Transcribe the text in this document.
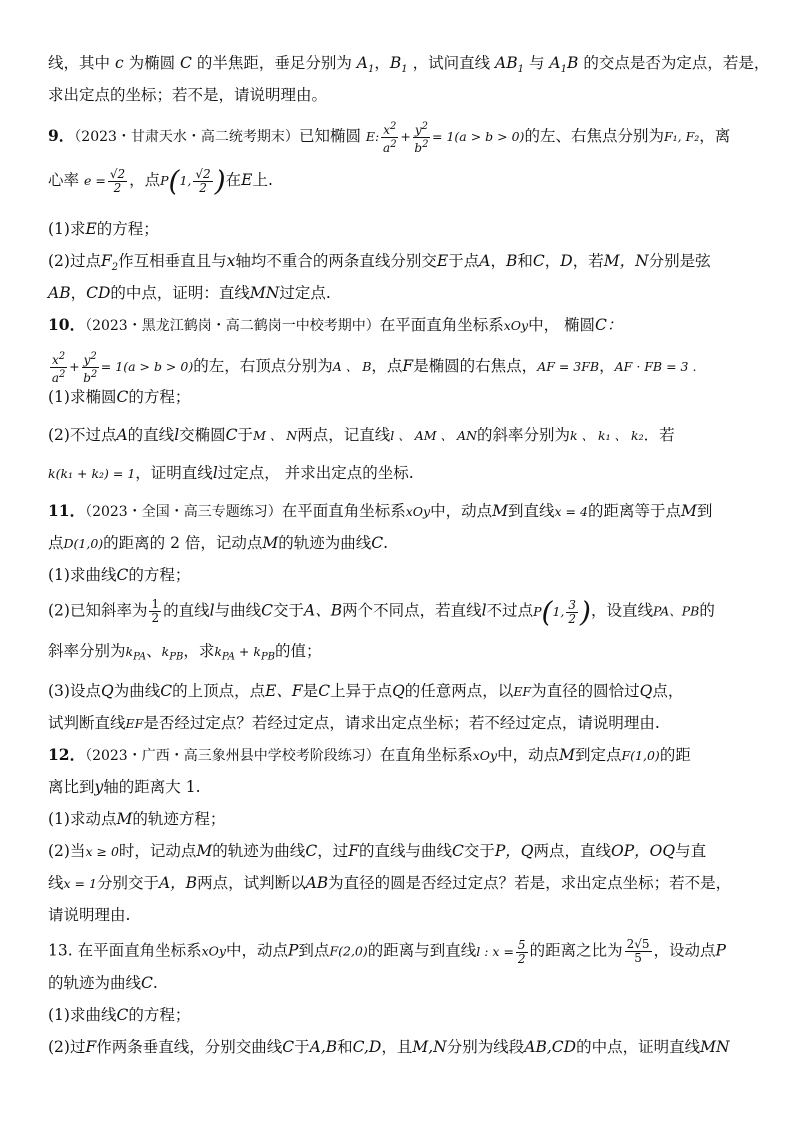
线，其中 c 为椭圆 C 的半焦距，垂足分别为 $A_1$，$B_1$ ，试问直线 $AB_1$ 与 $A_1B$ 的交点是否为定点，若是，
求出定点的坐标；若不是，请说明理由。
9．（2023・甘肃天水・高二统考期末）已知椭圆 E: $\frac{x^2}{a^2} + \frac{y^2}{b^2} = 1(a > b > 0)$的左、右焦点分别为F₁, F₂，离
心率 $e = \frac{√2}{2}$ ，点P(1, $\frac{√2}{2}$ )在E上.
(1)求E的方程；
(2)过点$F_2$作互相垂直且与x轴均不重合的两条直线分别交E于点A，B和C，D，若M，N分别是弦
AB，CD的中点，证明：直线MN过定点.
10．（2023・黑龙江鹤岗・高二鹤岗一中校考期中）在平面直角坐标系xOy中， 椭圆C：
$\frac{x^2}{a^2} + \frac{y^2}{b^2} = 1(a > b > 0)$的左，右顶点分别为A 、 B，点F是椭圆的右焦点，AF = 3FB，AF · FB = 3 .
(1)求椭圆C的方程；
(2)不过点A的直线l交椭圆C于M 、 N两点，记直线l 、 AM 、 AN的斜率分别为k 、 k₁ 、 k₂．若
k(k₁ + k₂) = 1，证明直线l过定点， 并求出定点的坐标.
11．（2023・全国・高三专题练习）在平面直角坐标系xOy中，动点M到直线x = 4的距离等于点M到
点D(1,0)的距离的 2 倍，记动点M的轨迹为曲线C.
(1)求曲线C的方程；
(2)已知斜率为 $\frac{1}{2}$ 的直线l与曲线C交于A、B两个不同点，若直线l不过点P(1, $\frac{3}{2}$ )，设直线PA、PB的
斜率分别为$k_{PA}$、$k_{PB}$，求$k_{PA} + k_{PB}$的值；
(3)设点Q为曲线C的上顶点，点E、F是C上异于点Q的任意两点，以EF为直径的圆恰过Q点，
试判断直线EF是否经过定点？若经过定点，请求出定点坐标；若不经过定点，请说明理由.
12．（2023・广西・高三象州县中学校考阶段练习）在直角坐标系xOy中，动点M到定点F(1,0)的距
离比到y轴的距离大 1.
(1)求动点M的轨迹方程；
(2)当x ≥ 0时，记动点M的轨迹为曲线C，过F的直线与曲线C交于P，Q两点，直线OP，OQ与直
线x = 1分别交于A，B两点，试判断以AB为直径的圆是否经过定点？若是，求出定点坐标；若不是，
请说明理由.
13. 在平面直角坐标系xOy中，动点P到点F(2,0)的距离与到直线l : $x = \frac{5}{2}$ 的距离之比为 $\frac{2√5}{5}$ ，设动点P
的轨迹为曲线C.
(1)求曲线C的方程；
(2)过F作两条垂直线，分别交曲线C于A,B和C,D，且M,N分别为线段AB,CD的中点，证明直线MN
